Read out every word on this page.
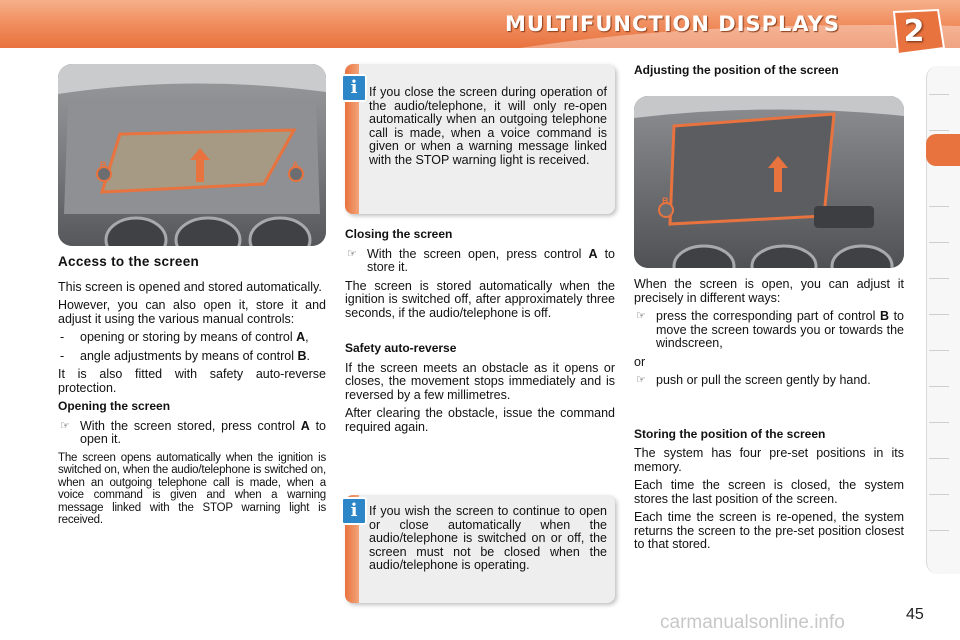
MULTIFUNCTION DISPLAYS	2
B	A
Access to the screen

This screen is opened and stored automatically.

However, you can also open it, store it and adjust it using the various manual controls:

- opening or storing by means of control A,
- angle adjustments by means of control B.

It is also fitted with safety auto-reverse protection.

Opening the screen
☞ With the screen stored, press control A to open it.

The screen opens automatically when the ignition is switched on, when the audio/telephone is switched on, when an outgoing telephone call is made, when a voice command is given and when a warning message linked with the STOP warning light is received.

i If you close the screen during operation of the audio/telephone, it will only re-open automatically when an outgoing telephone call is made, when a voice command is given or when a warning message linked with the STOP warning light is received.
Closing the screen
☞ With the screen open, press control A to store it.

The screen is stored automatically when the ignition is switched off, after approximately three seconds, if the audio/telephone is off.

Safety auto-reverse

If the screen meets an obstacle as it opens or closes, the movement stops immediately and is reversed by a few millimetres.

After clearing the obstacle, issue the command required again.

i If you wish the screen to continue to open or close automatically when the audio/telephone is switched on or off, the screen must not be closed when the audio/telephone is operating.
Adjusting the position of the screen
B

When the screen is open, you can adjust it precisely in different ways:

☞ press the corresponding part of control B to move the screen towards you or towards the windscreen,

or

☞ push or pull the screen gently by hand.
Storing the position of the screen

The system has four pre-set positions in its memory.

Each time the screen is closed, the system stores the last position of the screen.

Each time the screen is re-opened, the system returns the screen to the pre-set position closest to that stored.

carmanualsonline.info	45
